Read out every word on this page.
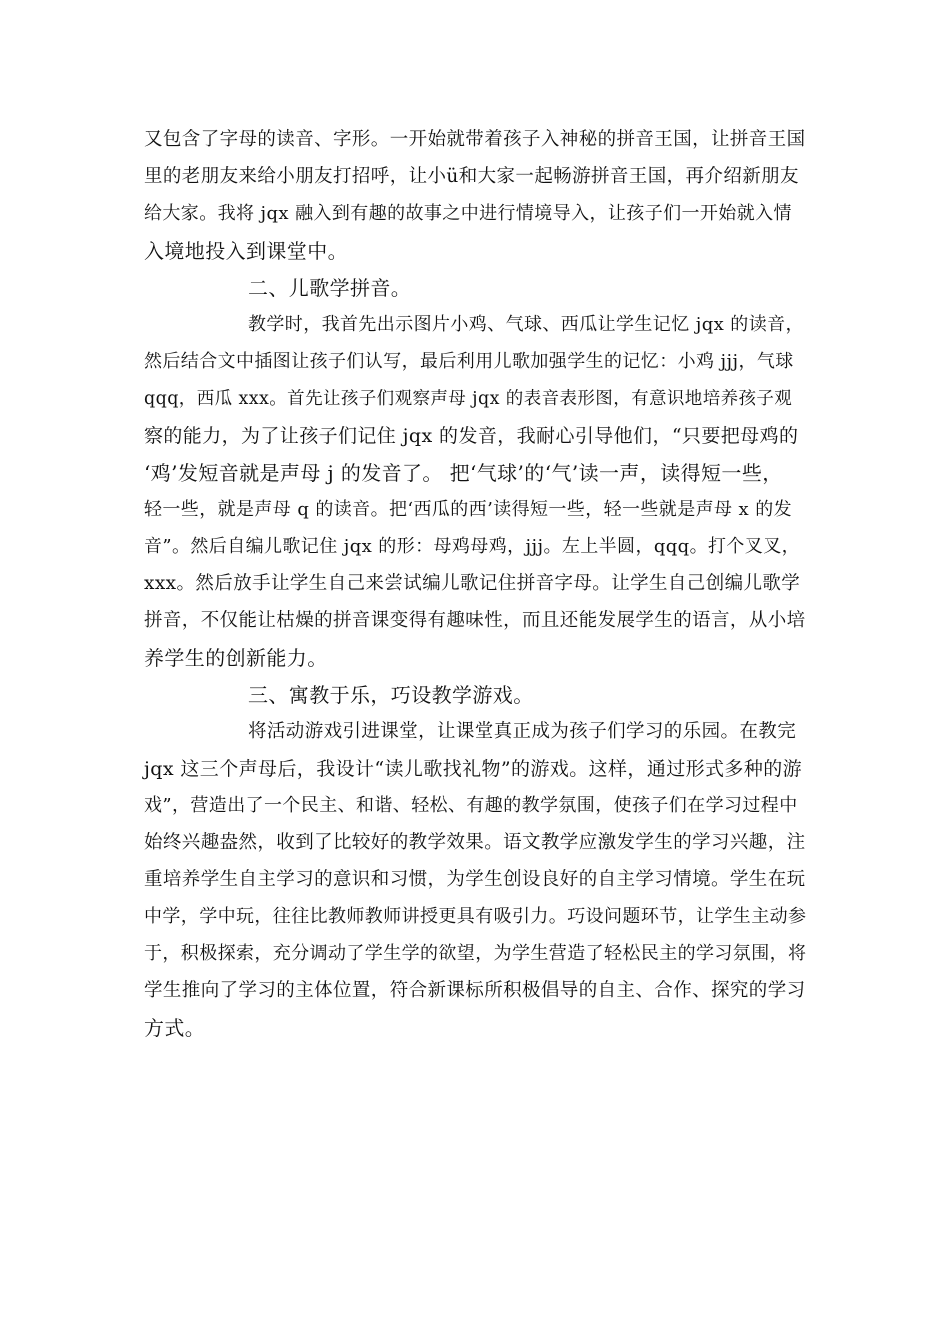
又包含了字母的读音、字形。一开始就带着孩子入神秘的拼音王国，让拼音王国
里的老朋友来给小朋友打招呼，让小ü和大家一起畅游拼音王国，再介绍新朋友
给大家。我将 jqx 融入到有趣的故事之中进行情境导入，让孩子们一开始就入情
入境地投入到课堂中。
二、儿歌学拼音。
教学时，我首先出示图片小鸡、气球、西瓜让学生记忆 jqx 的读音，
然后结合文中插图让孩子们认写，最后利用儿歌加强学生的记忆：小鸡 jjj，气球
qqq，西瓜 xxx。首先让孩子们观察声母 jqx 的表音表形图，有意识地培养孩子观
察的能力，为了让孩子们记住 jqx 的发音，我耐心引导他们，“只要把母鸡的
‘鸡’发短音就是声母 j 的发音了。 把‘气球’的‘气’读一声，读得短一些，
轻一些，就是声母 q 的读音。把‘西瓜的西’读得短一些，轻一些就是声母 x 的发
音”。然后自编儿歌记住 jqx 的形：母鸡母鸡，jjj。左上半圆，qqq。打个叉叉，
xxx。然后放手让学生自己来尝试编儿歌记住拼音字母。让学生自己创编儿歌学
拼音，不仅能让枯燥的拼音课变得有趣味性，而且还能发展学生的语言，从小培
养学生的创新能力。
三、寓教于乐，巧设教学游戏。
将活动游戏引进课堂，让课堂真正成为孩子们学习的乐园。在教完
jqx 这三个声母后，我设计“读儿歌找礼物”的游戏。这样，通过形式多种的游
戏”，营造出了一个民主、和谐、轻松、有趣的教学氛围，使孩子们在学习过程中
始终兴趣盎然，收到了比较好的教学效果。语文教学应激发学生的学习兴趣，注
重培养学生自主学习的意识和习惯，为学生创设良好的自主学习情境。学生在玩
中学，学中玩，往往比教师教师讲授更具有吸引力。巧设问题环节，让学生主动参
于，积极探索，充分调动了学生学的欲望，为学生营造了轻松民主的学习氛围，将
学生推向了学习的主体位置，符合新课标所积极倡导的自主、合作、探究的学习
方式。
